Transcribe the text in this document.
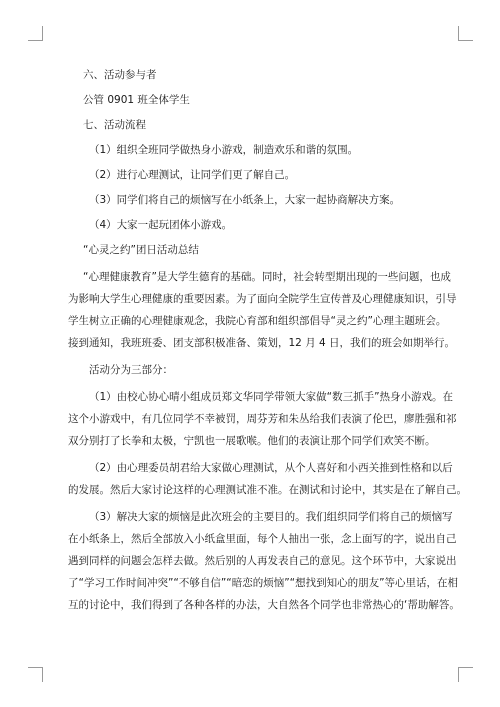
六、活动参与者
公管 0901 班全体学生
七、活动流程
（1）组织全班同学做热身小游戏，制造欢乐和谐的氛围。
（2）进行心理测试，让同学们更了解自己。
（3）同学们将自己的烦恼写在小纸条上，大家一起协商解决方案。
（4）大家一起玩团体小游戏。
“心灵之约”团日活动总结
“心理健康教育”是大学生德育的基础。同时，社会转型期出现的一些问题，也成
为影响大学生心理健康的重要因素。为了面向全院学生宣传普及心理健康知识，引导
学生树立正确的心理健康观念，我院心育部和组织部倡导“灵之约”心理主题班会。
接到通知，我班班委、团支部积极准备、策划，12 月 4 日，我们的班会如期举行。
活动分为三部分：
（1）由校心协心晴小组成员郑文华同学带领大家做“数三抓手”热身小游戏。在
这个小游戏中，有几位同学不幸被罚，周芬芳和朱丛给我们表演了伦巴，廖胜强和祁
双分别打了长拳和太极，宁凯也一展歌喉。他们的表演让那个同学们欢笑不断。
（2）由心理委员胡君给大家做心理测试，从个人喜好和小西关推到性格和以后
的发展。然后大家讨论这样的心理测试准不准。在测试和讨论中，其实是在了解自己。
（3）解决大家的烦恼是此次班会的主要目的。我们组织同学们将自己的烦恼写
在小纸条上，然后全部放入小纸盒里面，每个人抽出一张，念上面写的字，说出自己
遇到同样的问题会怎样去做。然后别的人再发表自己的意见。这个环节中，大家说出
了“学习工作时间冲突”“不够自信”“暗恋的烦恼”“想找到知心的朋友”等心里话，在相
互的讨论中，我们得到了各种各样的办法，大自然各个同学也非常热心的‘帮助解答。
